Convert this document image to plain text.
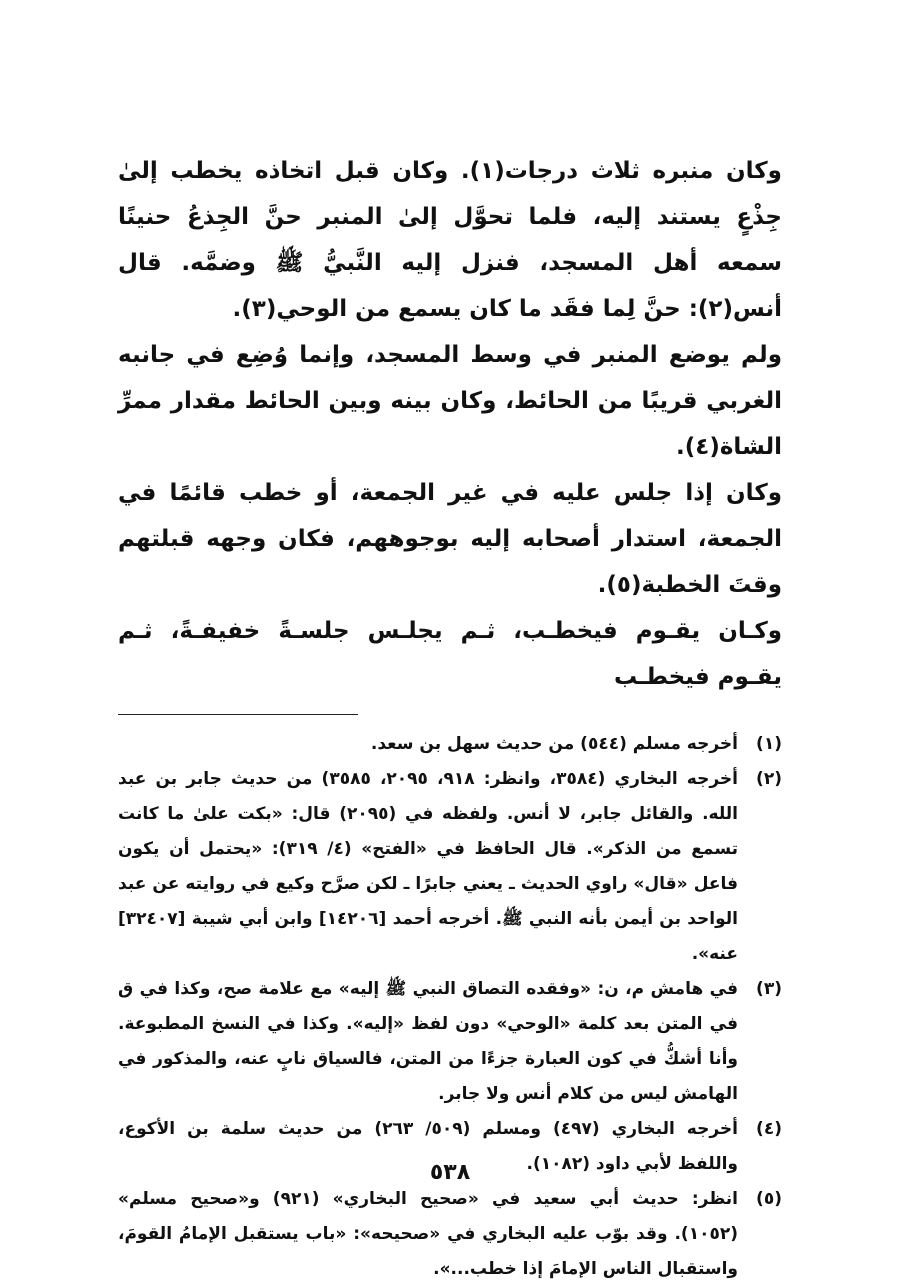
وكان منبره ثلاث درجات(١). وكان قبل اتخاذه يخطب إلىٰ جِذْعٍ يستند إليه، فلما تحوَّل إلىٰ المنبر حنَّ الجِذعُ حنينًا سمعه أهل المسجد، فنزل إليه النَّبيُّ ﷺ وضمَّه. قال أنس(٢): حنَّ لِما فقَد ما كان يسمع من الوحي(٣).

ولم يوضع المنبر في وسط المسجد، وإنما وُضِع في جانبه الغربي قريبًا من الحائط، وكان بينه وبين الحائط مقدار ممرِّ الشاة(٤).

وكان إذا جلس عليه في غير الجمعة، أو خطب قائمًا في الجمعة، استدار أصحابه إليه بوجوههم، فكان وجهه قبلتهم وقتَ الخطبة(٥).

وكـان يقـوم فيخطـب، ثـم يجلـس جلسـةً خفيفـةً، ثـم يقـوم فيخطـب

(١)
أخرجه مسلم (٥٤٤) من حديث سهل بن سعد.
(٢)
أخرجه البخاري (٣٥٨٤، وانظر: ٩١٨، ٢٠٩٥، ٣٥٨٥) من حديث جابر بن عبد الله. والقائل جابر، لا أنس. ولفظه في (٢٠٩٥) قال: «بكت علىٰ ما كانت تسمع من الذكر». قال الحافظ في «الفتح» (٤/ ٣١٩): «يحتمل أن يكون فاعل «قال» راوي الحديث ـ يعني جابرًا ـ لكن صرَّح وكيع في روايته عن عبد الواحد بن أيمن بأنه النبي ﷺ. أخرجه أحمد [١٤٢٠٦] وابن أبي شيبة [٣٢٤٠٧] عنه».
(٣)
في هامش م، ن: «وفقده التصاق النبي ﷺ إليه» مع علامة صح، وكذا في ق في المتن بعد كلمة «الوحي» دون لفظ «إليه». وكذا في النسخ المطبوعة. وأنا أشكُّ في كون العبارة جزءًا من المتن، فالسياق نابٍ عنه، والمذكور في الهامش ليس من كلام أنس ولا جابر.
(٤)
أخرجه البخاري (٤٩٧) ومسلم (٥٠٩/ ٢٦٣) من حديث سلمة بن الأكوع، واللفظ لأبي داود (١٠٨٢).
(٥)
انظر: حديث أبي سعيد في «صحيح البخاري» (٩٢١) و«صحيح مسلم» (١٠٥٢). وقد بوّب عليه البخاري في «صحيحه»: «باب يستقبل الإمامُ القومَ، واستقبال الناس الإمامَ إذا خطب...».
٥٣٨
